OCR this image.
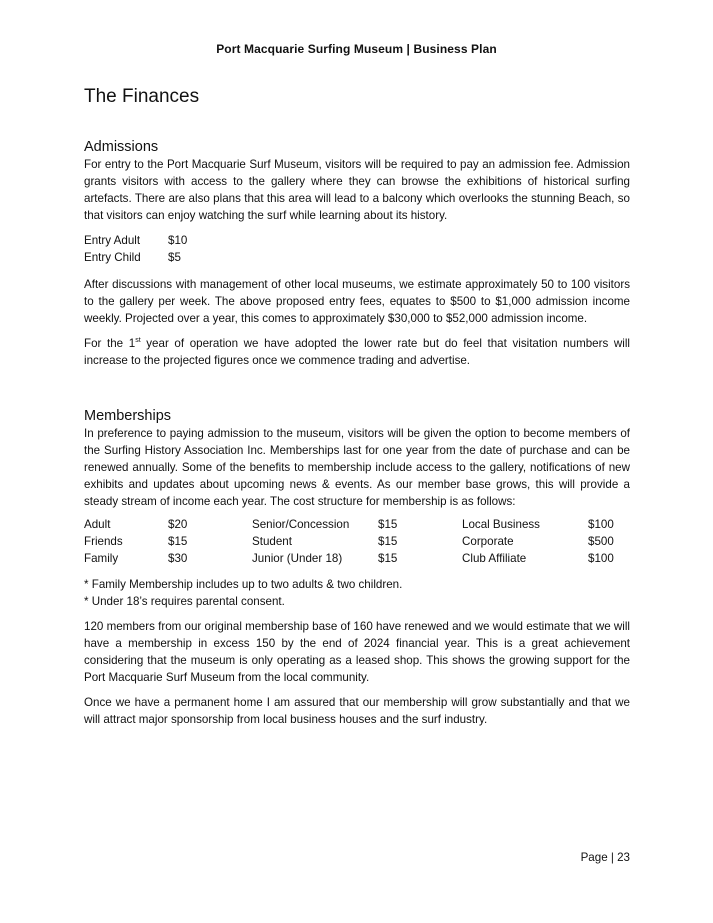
Port Macquarie Surfing Museum | Business Plan
The Finances
Admissions

For entry to the Port Macquarie Surf Museum, visitors will be required to pay an admission fee. Admission grants visitors with access to the gallery where they can browse the exhibitions of historical surfing artefacts. There are also plans that this area will lead to a balcony which overlooks the stunning Beach, so that visitors can enjoy watching the surf while learning about its history.

Entry Adult	$10
Entry Child	$5

After discussions with management of other local museums, we estimate approximately 50 to 100 visitors to the gallery per week. The above proposed entry fees, equates to $500 to $1,000 admission income weekly. Projected over a year, this comes to approximately $30,000 to $52,000 admission income.

For the 1st year of operation we have adopted the lower rate but do feel that visitation numbers will increase to the projected figures once we commence trading and advertise.

Memberships

In preference to paying admission to the museum, visitors will be given the option to become members of the Surfing History Association Inc. Memberships last for one year from the date of purchase and can be renewed annually. Some of the benefits to membership include access to the gallery, notifications of new exhibits and updates about upcoming news & events. As our member base grows, this will provide a steady stream of income each year. The cost structure for membership is as follows:

Adult	$20	Senior/Concession	$15	Local Business	$100
Friends	$15	Student	$15	Corporate	$500
Family	$30	Junior (Under 18)	$15	Club Affiliate	$100

* Family Membership includes up to two adults & two children.

* Under 18’s requires parental consent.

120 members from our original membership base of 160 have renewed and we would estimate that we will have a membership in excess 150 by the end of 2024 financial year. This is a great achievement considering that the museum is only operating as a leased shop. This shows the growing support for the Port Macquarie Surf Museum from the local community.

Once we have a permanent home I am assured that our membership will grow substantially and that we will attract major sponsorship from local business houses and the surf industry.

Page | 23
